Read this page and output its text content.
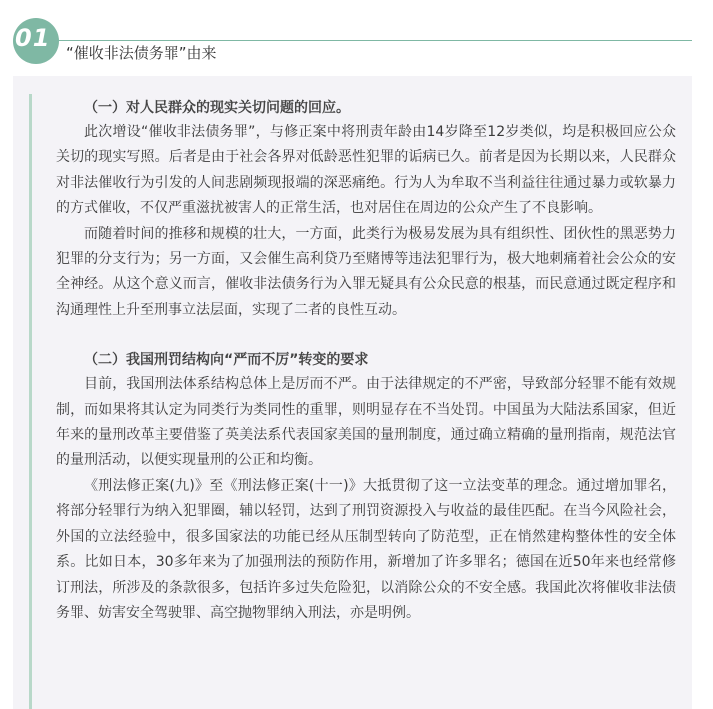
01
“催收非法债务罪”由来

（一）对人民群众的现实关切问题的回应。

此次增设“催收非法债务罪”，与修正案中将刑责年龄由14岁降至12岁类似，均是积极回应公众关切的现实写照。后者是由于社会各界对低龄恶性犯罪的诟病已久。前者是因为长期以来，人民群众对非法催收行为引发的人间悲剧频现报端的深恶痛绝。行为人为牟取不当利益往往通过暴力或软暴力的方式催收，不仅严重滋扰被害人的正常生活，也对居住在周边的公众产生了不良影响。

而随着时间的推移和规模的壮大，一方面，此类行为极易发展为具有组织性、团伙性的黑恶势力犯罪的分支行为；另一方面，又会催生高利贷乃至赌博等违法犯罪行为，极大地刺痛着社会公众的安全神经。从这个意义而言，催收非法债务行为入罪无疑具有公众民意的根基，而民意通过既定程序和沟通理性上升至刑事立法层面，实现了二者的良性互动。

（二）我国刑罚结构向“严而不厉”转变的要求

目前，我国刑法体系结构总体上是厉而不严。由于法律规定的不严密，导致部分轻罪不能有效规制，而如果将其认定为同类行为类同性的重罪，则明显存在不当处罚。中国虽为大陆法系国家，但近年来的量刑改革主要借鉴了英美法系代表国家美国的量刑制度，通过确立精确的量刑指南，规范法官的量刑活动，以便实现量刑的公正和均衡。

《刑法修正案(九)》至《刑法修正案(十一)》大抵贯彻了这一立法变革的理念。通过增加罪名，将部分轻罪行为纳入犯罪圈，辅以轻罚，达到了刑罚资源投入与收益的最佳匹配。在当今风险社会，外国的立法经验中，很多国家法的功能已经从压制型转向了防范型，正在悄然建构整体性的安全体系。比如日本，30多年来为了加强刑法的预防作用，新增加了许多罪名；德国在近50年来也经常修订刑法，所涉及的条款很多，包括许多过失危险犯，以消除公众的不安全感。我国此次将催收非法债务罪、妨害安全驾驶罪、高空抛物罪纳入刑法，亦是明例。
